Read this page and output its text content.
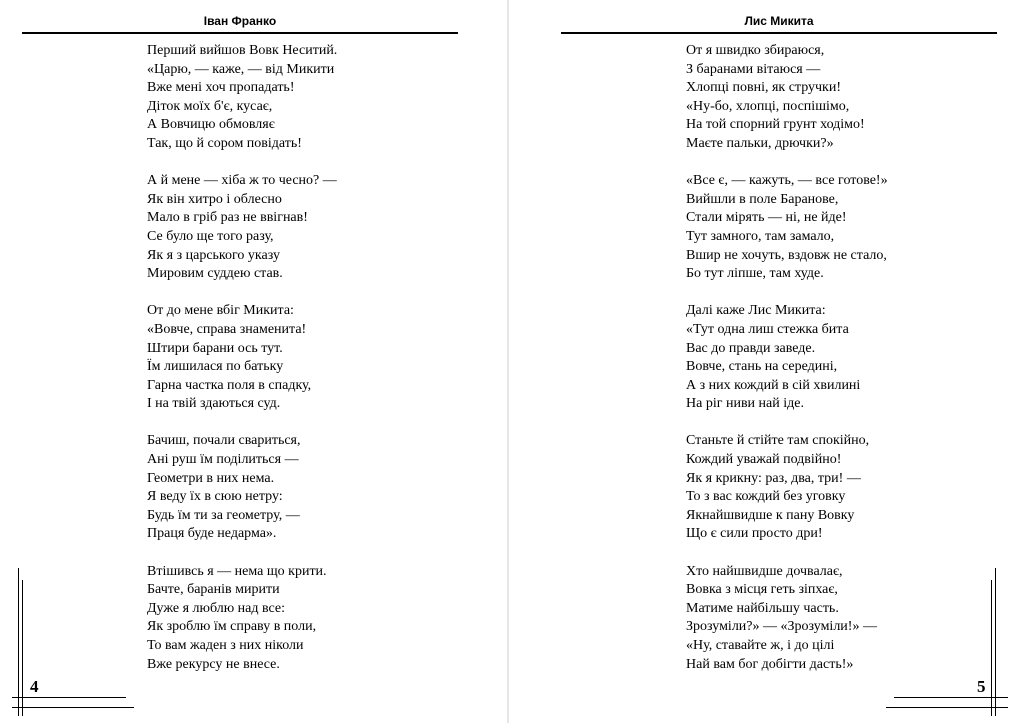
Іван Франко
Перший вийшов Вовк Неситий.
«Царю, — каже, — від Микити
Вже мені хоч пропадать!
Діток моїх б'є, кусає,
А Вовчицю обмовляє
Так, що й сором повідать!
А й мене — хіба ж то чесно? —
Як він хитро і облесно
Мало в гріб раз не ввігнав!
Се було ще того разу,
Як я з царського указу
Мировим суддею став.
От до мене вбіг Микита:
«Вовче, справа знаменита!
Штири барани ось тут.
Їм лишилася по батьку
Гарна частка поля в спадку,
І на твій здаються суд.
Бачиш, почали свариться,
Ані руш їм поділиться —
Геометри в них нема.
Я веду їх в сюю нетру:
Будь їм ти за геометру, —
Праця буде недарма».
Втішивсь я — нема що крити.
Бачте, баранів мирити
Дуже я люблю над все:
Як зроблю їм справу в поли,
То вам жаден з них ніколи
Вже рекурсу не внесе.
4
Лис Микита
От я швидко збираюся,
З баранами вітаюся —
Хлопці повні, як стручки!
«Ну-бо, хлопці, поспішімо,
На той спорний грунт ходімо!
Маєте пальки, дрючки?»
«Все є, — кажуть, — все готове!»
Вийшли в поле Баранове,
Стали мірять — ні, не йде!
Тут замного, там замало,
Вшир не хочуть, вздовж не стало,
Бо тут ліпше, там худе.
Далі каже Лис Микита:
«Тут одна лиш стежка бита
Вас до правди заведе.
Вовче, стань на середині,
А з них кождий в сій хвилині
На ріг ниви най іде.
Станьте й стійте там спокійно,
Кождий уважай подвійно!
Як я крикну: раз, два, три! —
То з вас кождий без уговку
Якнайшвидше к пану Вовку
Що є сили просто дри!
Хто найшвидше дочвалає,
Вовка з місця геть зіпхає,
Матиме найбільшу часть.
Зрозуміли?» — «Зрозуміли!» —
«Ну, ставайте ж, і до цілі
Най вам бог добігти дасть!»
5
